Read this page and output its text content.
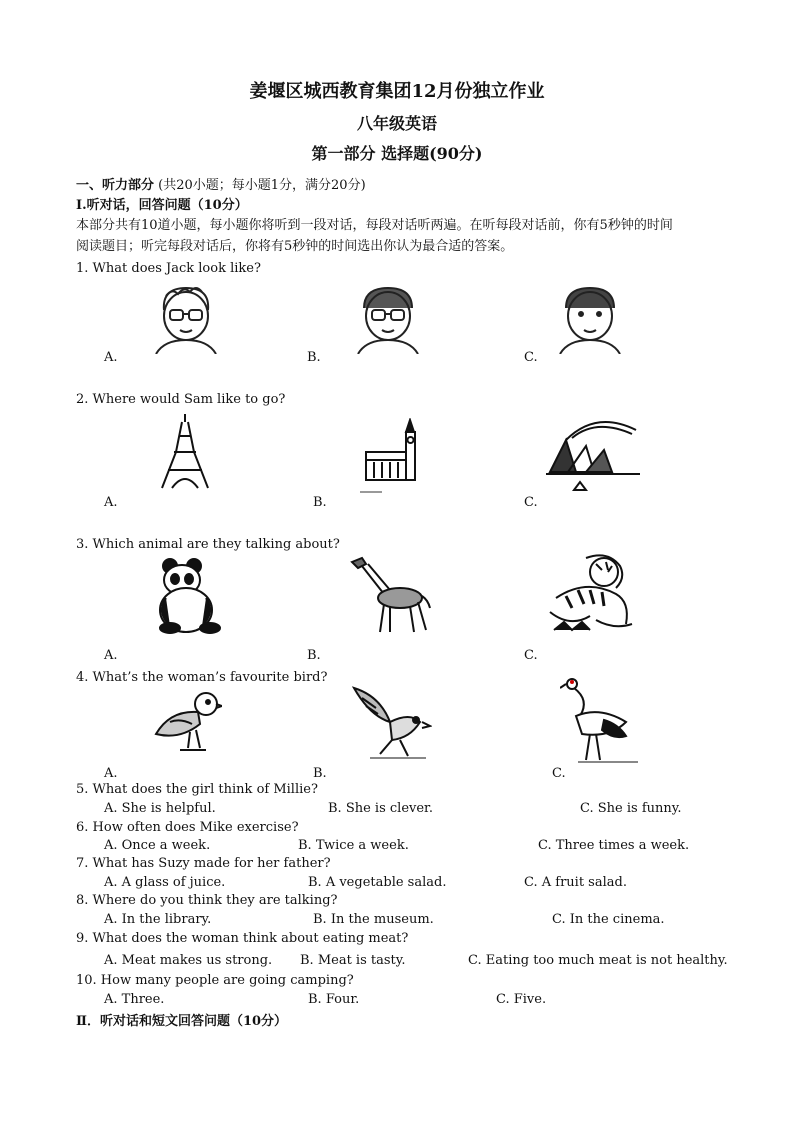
姜堰区城西教育集团12月份独立作业
八年级英语
第一部分 选择题(90分)
一、听力部分 (共20小题；每小题1分，满分20分)
Ⅰ.听对话，回答问题（10分）
本部分共有10道小题，每小题你将听到一段对话，每段对话听两遍。在听每段对话前，你有5秒钟的时间
阅读题目；听完每段对话后，你将有5秒钟的时间选出你认为最合适的答案。
1. What does Jack look like?
A.	B.	C.
2. Where would Sam like to go?
A.	B.	C.
3. Which animal are they talking about?
A.	B.	C.
4. What’s the woman’s favourite bird?
A.	B.	C.
5. What does the girl think of Millie?
A. She is helpful.	B. She is clever.	C. She is funny.
6. How often does Mike exercise?
A. Once a week.	B. Twice a week.	C. Three times a week.
7. What has Suzy made for her father?
A. A glass of juice.	B. A vegetable salad.	C. A fruit salad.
8. Where do you think they are talking?
A. In the library.	B. In the museum.	C. In the cinema.
9. What does the woman think about eating meat?
A. Meat makes us strong. B. Meat is tasty.	C. Eating too much meat is not healthy.
10. How many people are going camping?
A. Three.	B. Four.	C. Five.
Ⅱ．听对话和短文回答问题（10分）
